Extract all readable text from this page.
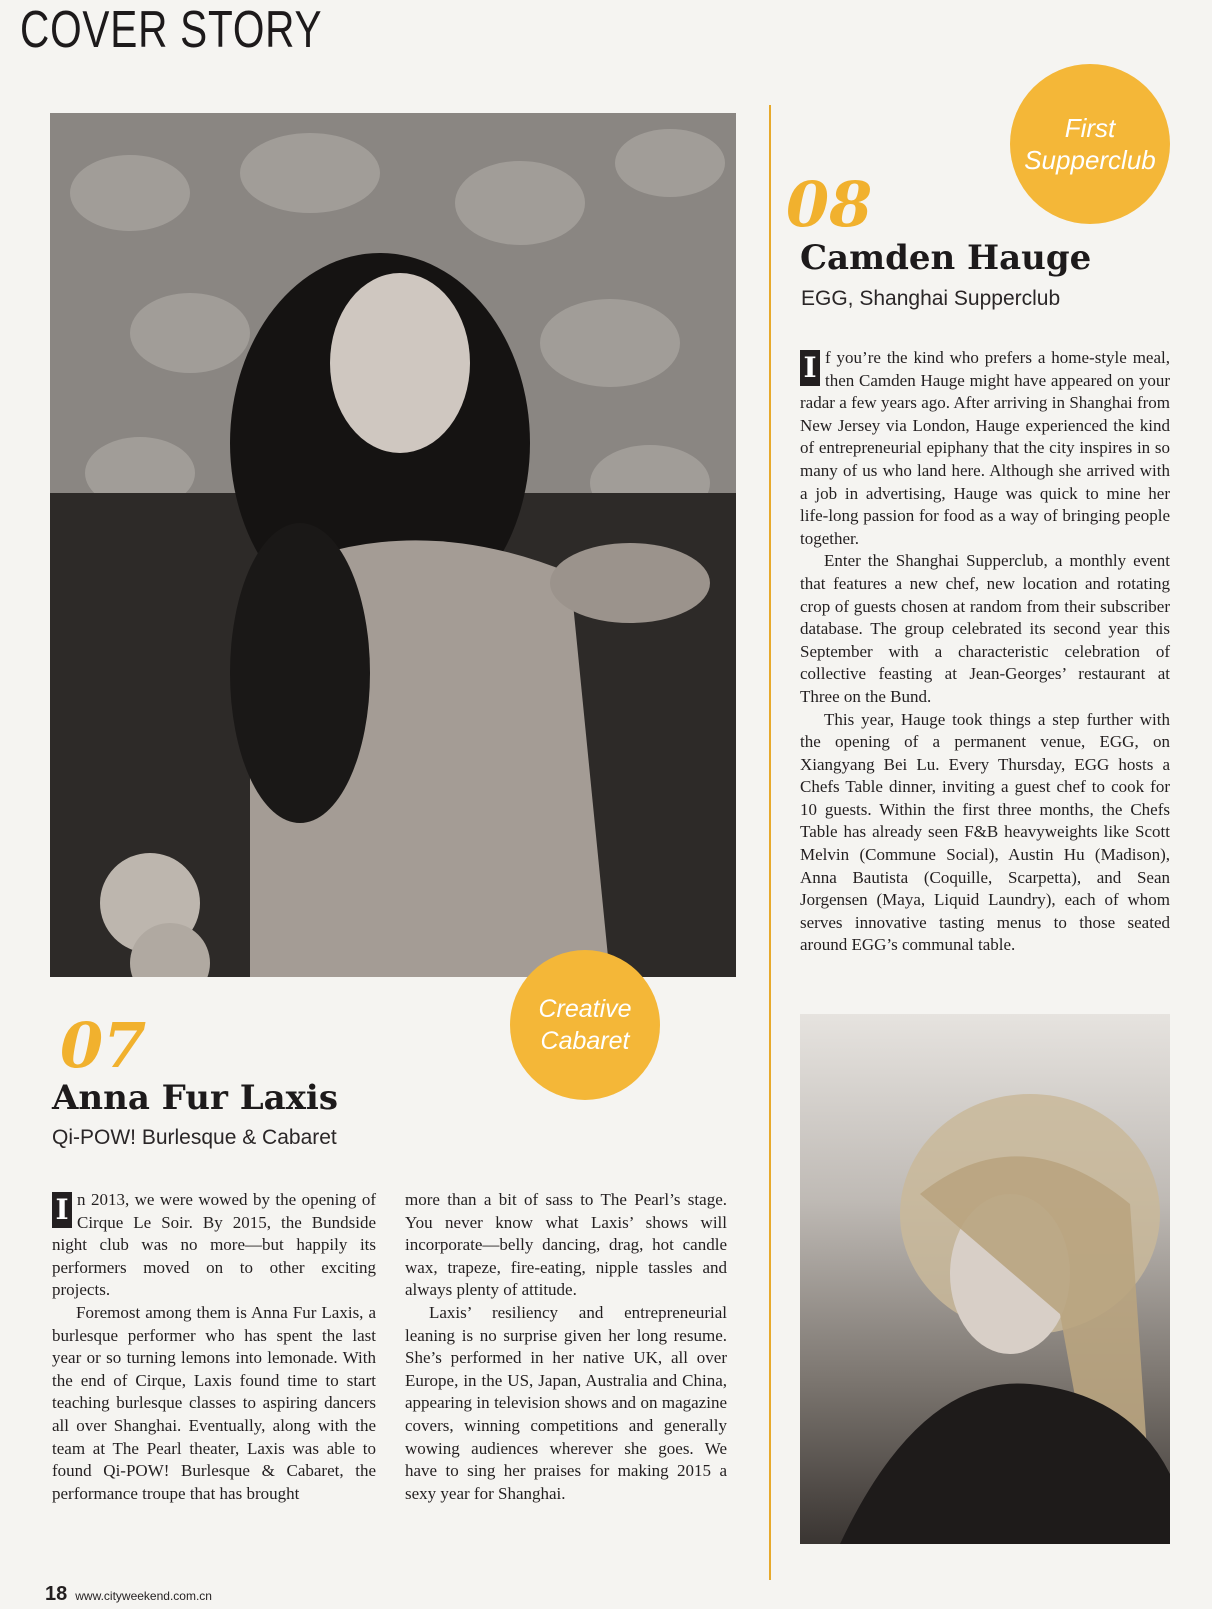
COVER STORY
First
Supperclub
08
Camden Hauge
EGG, Shanghai Supperclub

I f you’re the kind who prefers a home-style meal, then Camden Hauge might have appeared on your radar a few years ago. After arriving in Shanghai from New Jersey via London, Hauge experienced the kind of entrepreneurial epiphany that the city inspires in so many of us who land here. Although she arrived with a job in advertising, Hauge was quick to mine her life-long passion for food as a way of bringing people together.

Enter the Shanghai Supperclub, a monthly event that features a new chef, new location and rotating crop of guests chosen at random from their subscriber database. The group celebrated its second year this September with a characteristic celebration of collective feasting at Jean-Georges’ restaurant at Three on the Bund.

This year, Hauge took things a step further with the opening of a permanent venue, EGG, on Xiangyang Bei Lu. Every Thursday, EGG hosts a Chefs Table dinner, inviting a guest chef to cook for 10 guests. Within the first three months, the Chefs Table has already seen F&B heavyweights like Scott Melvin (Commune Social), Austin Hu (Madison), Anna Bautista (Coquille, Scarpetta), and Sean Jorgensen (Maya, Liquid Laundry), each of whom serves innovative tasting menus to those seated around EGG’s communal table.

Creative
Cabaret
07
Anna Fur Laxis
Qi-POW! Burlesque & Cabaret

I n 2013, we were wowed by the opening of Cirque Le Soir. By 2015, the Bundside night club was no more—but happily its performers moved on to other exciting projects.

Foremost among them is Anna Fur Laxis, a burlesque performer who has spent the last year or so turning lemons into lemonade. With the end of Cirque, Laxis found time to start teaching burlesque classes to aspiring dancers all over Shanghai. Eventually, along with the team at The Pearl theater, Laxis was able to found Qi-POW! Burlesque & Cabaret, the performance troupe that has brought

more than a bit of sass to The Pearl’s stage. You never know what Laxis’ shows will incorporate—belly dancing, drag, hot candle wax, trapeze, fire-eating, nipple tassles and always plenty of attitude.

Laxis’ resiliency and entrepreneurial leaning is no surprise given her long resume. She’s performed in her native UK, all over Europe, in the US, Japan, Australia and China, appearing in television shows and on magazine covers, winning competitions and generally wowing audiences wherever she goes. We have to sing her praises for making 2015 a sexy year for Shanghai.

18 www.cityweekend.com.cn
